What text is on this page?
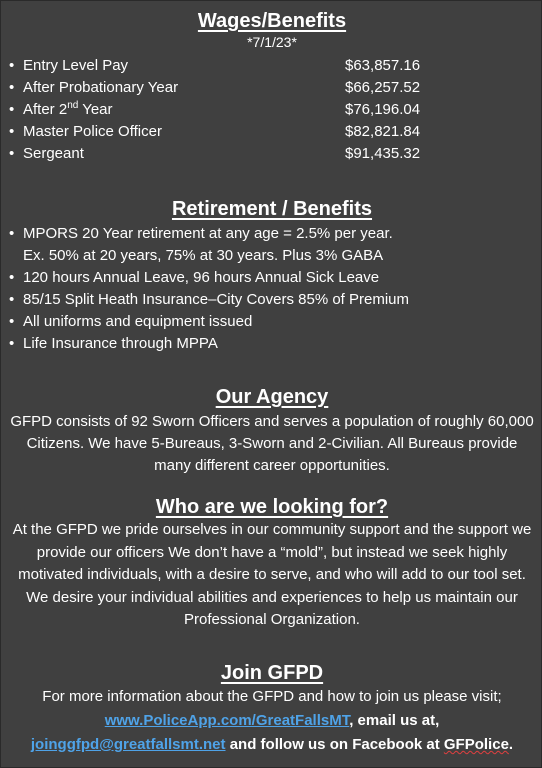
Wages/Benefits
*7/1/23*
• Entry Level Pay	$63,857.16
• After Probationary Year	$66,257.52
• After 2nd Year	$76,196.04
• Master Police Officer	$82,821.84
• Sergeant	$91,435.32
Retirement / Benefits
• MPORS 20 Year retirement at any age = 2.5% per year.
Ex. 50% at 20 years, 75% at 30 years. Plus 3% GABA
• 120 hours Annual Leave, 96 hours Annual Sick Leave
• 85/15 Split Heath Insurance–City Covers 85% of Premium
• All uniforms and equipment issued
• Life Insurance through MPPA
Our Agency
GFPD consists of 92 Sworn Officers and serves a population of roughly 60,000 Citizens. We have 5-Bureaus, 3-Sworn and 2-Civilian. All Bureaus provide many different career opportunities.
Who are we looking for?
At the GFPD we pride ourselves in our community support and the support we provide our officers We don’t have a “mold”, but instead we seek highly motivated individuals, with a desire to serve, and who will add to our tool set. We desire your individual abilities and experiences to help us maintain our Professional Organization.
Join GFPD
For more information about the GFPD and how to join us please visit;
www.PoliceApp.com/GreatFallsMT, email us at,
joinggfpd@greatfallsmt.net and follow us on Facebook at GFPolice.
